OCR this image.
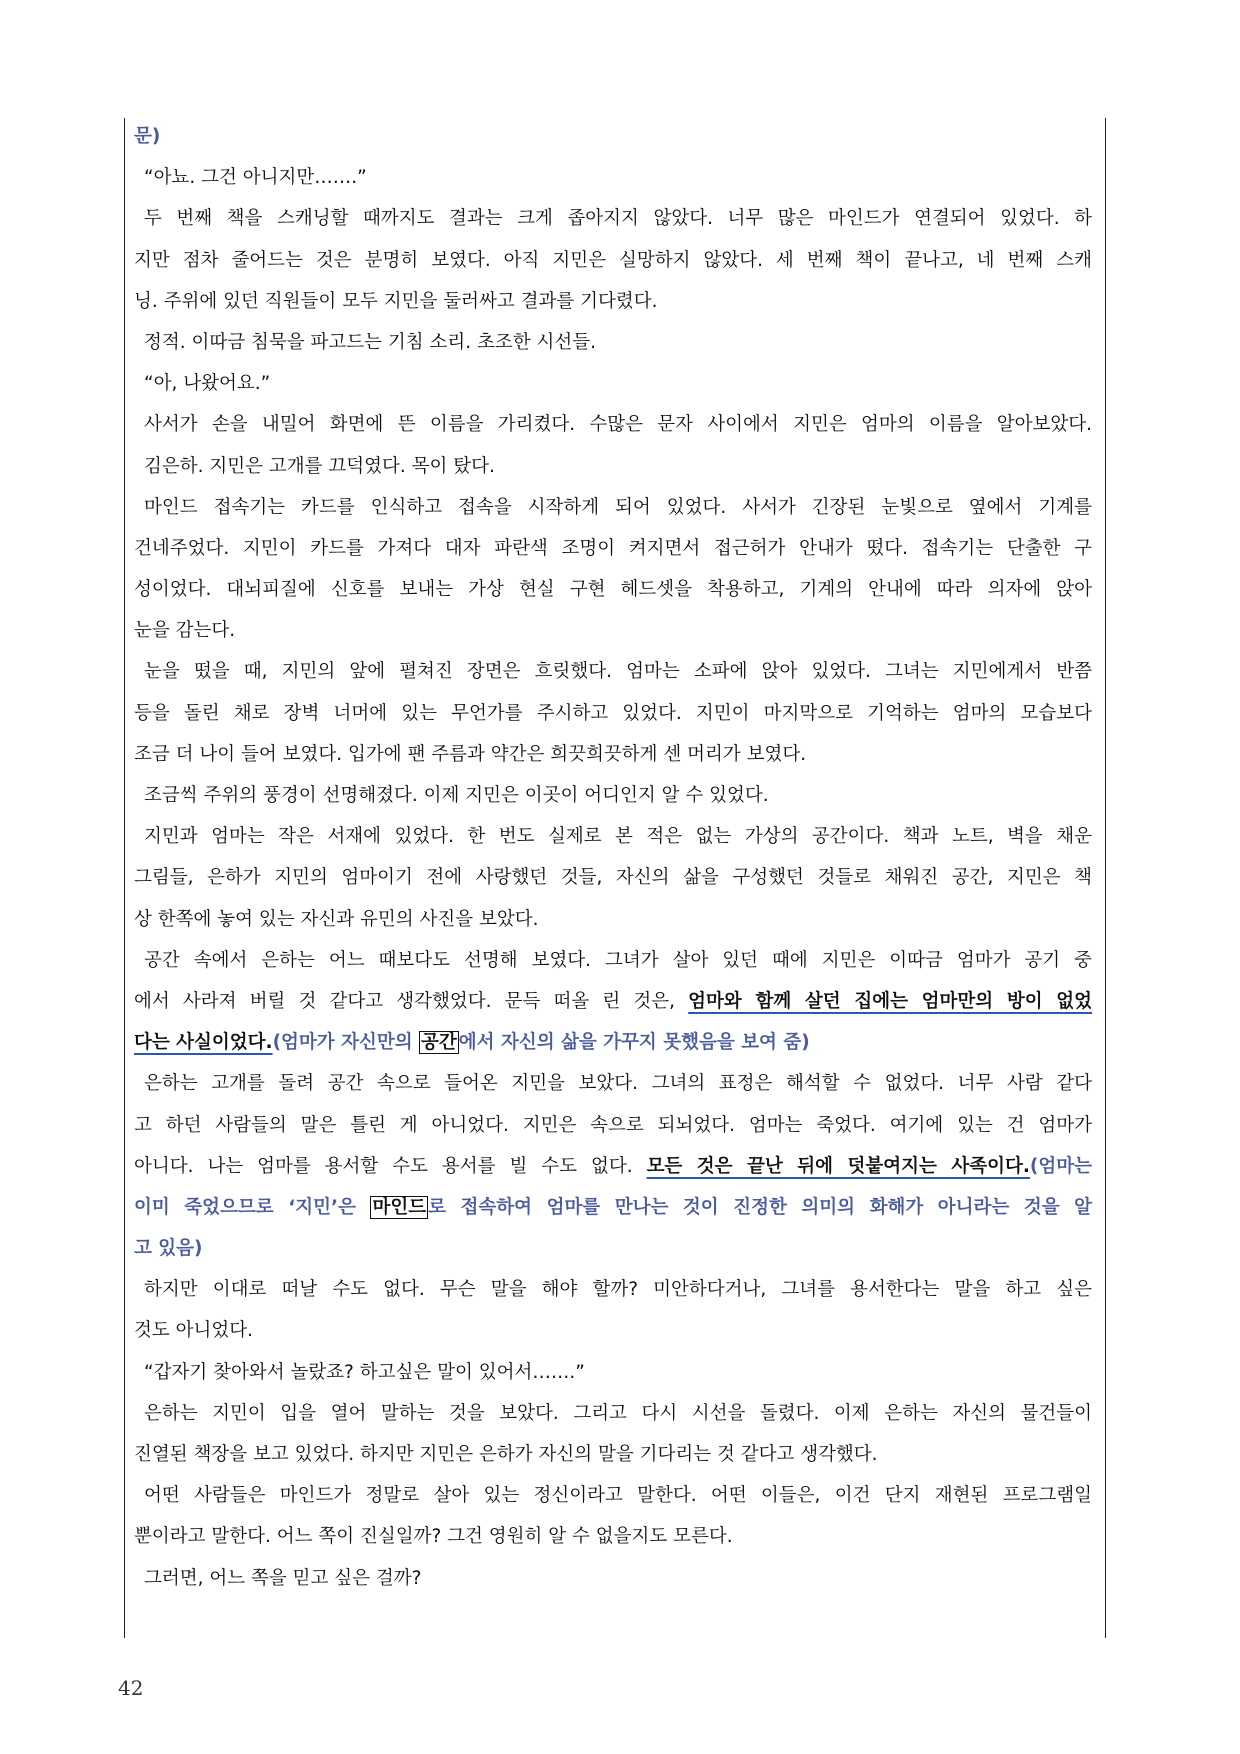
문)
“아뇨. 그건 아니지만…….”
두 번째 책을 스캐닝할 때까지도 결과는 크게 좁아지지 않았다. 너무 많은 마인드가 연결되어 있었다. 하
지만 점차 줄어드는 것은 분명히 보였다. 아직 지민은 실망하지 않았다. 세 번째 책이 끝나고, 네 번째 스캐
닝. 주위에 있던 직원들이 모두 지민을 둘러싸고 결과를 기다렸다.
정적. 이따금 침묵을 파고드는 기침 소리. 초조한 시선들.
“아, 나왔어요.”
사서가 손을 내밀어 화면에 뜬 이름을 가리켰다. 수많은 문자 사이에서 지민은 엄마의 이름을 알아보았다.
김은하. 지민은 고개를 끄덕였다. 목이 탔다.
마인드 접속기는 카드를 인식하고 접속을 시작하게 되어 있었다. 사서가 긴장된 눈빛으로 옆에서 기계를
건네주었다. 지민이 카드를 가져다 대자 파란색 조명이 켜지면서 접근허가 안내가 떴다. 접속기는 단출한 구
성이었다. 대뇌피질에 신호를 보내는 가상 현실 구현 헤드셋을 착용하고, 기계의 안내에 따라 의자에 앉아
눈을 감는다.
눈을 떴을 때, 지민의 앞에 펼쳐진 장면은 흐릿했다. 엄마는 소파에 앉아 있었다. 그녀는 지민에게서 반쯤
등을 돌린 채로 장벽 너머에 있는 무언가를 주시하고 있었다. 지민이 마지막으로 기억하는 엄마의 모습보다
조금 더 나이 들어 보였다. 입가에 팬 주름과 약간은 희끗희끗하게 센 머리가 보였다.
조금씩 주위의 풍경이 선명해졌다. 이제 지민은 이곳이 어디인지 알 수 있었다.
지민과 엄마는 작은 서재에 있었다. 한 번도 실제로 본 적은 없는 가상의 공간이다. 책과 노트, 벽을 채운
그림들, 은하가 지민의 엄마이기 전에 사랑했던 것들, 자신의 삶을 구성했던 것들로 채워진 공간, 지민은 책
상 한쪽에 놓여 있는 자신과 유민의 사진을 보았다.
공간 속에서 은하는 어느 때보다도 선명해 보였다. 그녀가 살아 있던 때에 지민은 이따금 엄마가 공기 중
에서 사라져 버릴 것 같다고 생각했었다. 문득 떠올 린 것은, 엄마와 함께 살던 집에는 엄마만의 방이 없었
다는 사실이었다.(엄마가 자신만의 공간 에서 자신의 삶을 가꾸지 못했음을 보여 줌)
은하는 고개를 돌려 공간 속으로 들어온 지민을 보았다. 그녀의 표정은 해석할 수 없었다. 너무 사람 같다
고 하던 사람들의 말은 틀린 게 아니었다. 지민은 속으로 되뇌었다. 엄마는 죽었다. 여기에 있는 건 엄마가
아니다. 나는 엄마를 용서할 수도 용서를 빌 수도 없다. 모든 것은 끝난 뒤에 덧붙여지는 사족이다.(엄마는
이미 죽었으므로 ‘지민’은 마인드 로 접속하여 엄마를 만나는 것이 진정한 의미의 화해가 아니라는 것을 알
고 있음)
하지만 이대로 떠날 수도 없다. 무슨 말을 해야 할까? 미안하다거나, 그녀를 용서한다는 말을 하고 싶은
것도 아니었다.
“갑자기 찾아와서 놀랐죠? 하고싶은 말이 있어서…….”
은하는 지민이 입을 열어 말하는 것을 보았다. 그리고 다시 시선을 돌렸다. 이제 은하는 자신의 물건들이
진열된 책장을 보고 있었다. 하지만 지민은 은하가 자신의 말을 기다리는 것 같다고 생각했다.
어떤 사람들은 마인드가 정말로 살아 있는 정신이라고 말한다. 어떤 이들은, 이건 단지 재현된 프로그램일
뿐이라고 말한다. 어느 쪽이 진실일까? 그건 영원히 알 수 없을지도 모른다.
그러면, 어느 쪽을 믿고 싶은 걸까?
42
